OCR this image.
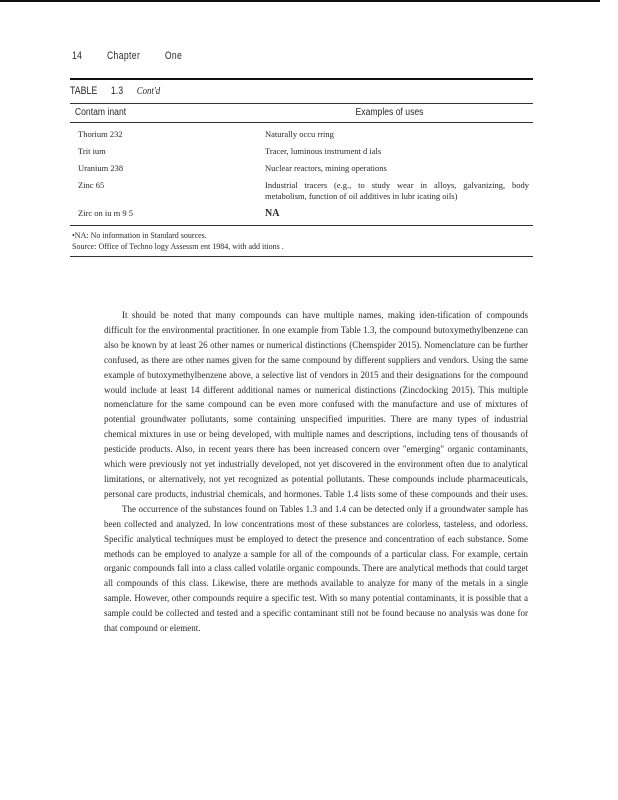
14 Chapter One
TABLE 1.3 Cont'd
Contam inant	Examples of uses
Thorium 232	Naturally occu rring
Trit ium	Tracer, luminous instrument d ials
Uranium 238	Nuclear reactors, mining operations
Zinc 65	Industrial tracers (e.g., to study wear in alloys, galvanizing, body metabolism, function of oil additives in lubr icating oils)
Zirc on iu m 9 5	NA
•NA: No information in Standard sources.
Source: Office of Techno logy Assessm ent 1984, with add itions .

It should be noted that many compounds can have multiple names, making iden-tification of compounds difficult for the environmental practitioner. In one example from Table 1.3, the compound butoxymethylbenzene can also be known by at least 26 other names or numerical distinctions (Chemspider 2015). Nomenclature can be further confused, as there are other names given for the same compound by different suppliers and vendors. Using the same example of butoxymethylbenzene above, a selective list of vendors in 2015 and their designations for the compound would include at least 14 different additional names or numerical distinctions (Zincdocking 2015). This multiple nomenclature for the same compound can be even more confused with the manufacture and use of mixtures of potential groundwater pollutants, some containing unspecified impurities. There are many types of industrial chemical mixtures in use or being developed, with multiple names and descriptions, including tens of thousands of pesticide products. Also, in recent years there has been increased concern over "emerging" organic contaminants, which were previously not yet industrially developed, not yet discovered in the environment often due to analytical limitations, or alternatively, not yet recognized as potential pollutants. These compounds include pharmaceuticals, personal care products, industrial chemicals, and hormones. Table 1.4 lists some of these compounds and their uses.

The occurrence of the substances found on Tables 1.3 and 1.4 can be detected only if a groundwater sample has been collected and analyzed. In low concentrations most of these substances are colorless, tasteless, and odorless. Specific analytical techniques must be employed to detect the presence and concentration of each substance. Some methods can be employed to analyze a sample for all of the compounds of a particular class. For example, certain organic compounds fall into a class called volatile organic compounds. There are analytical methods that could target all compounds of this class. Likewise, there are methods available to analyze for many of the metals in a single sample. However, other compounds require a specific test. With so many potential contaminants, it is possible that a sample could be collected and tested and a specific contaminant still not be found because no analysis was done for that compound or element.
